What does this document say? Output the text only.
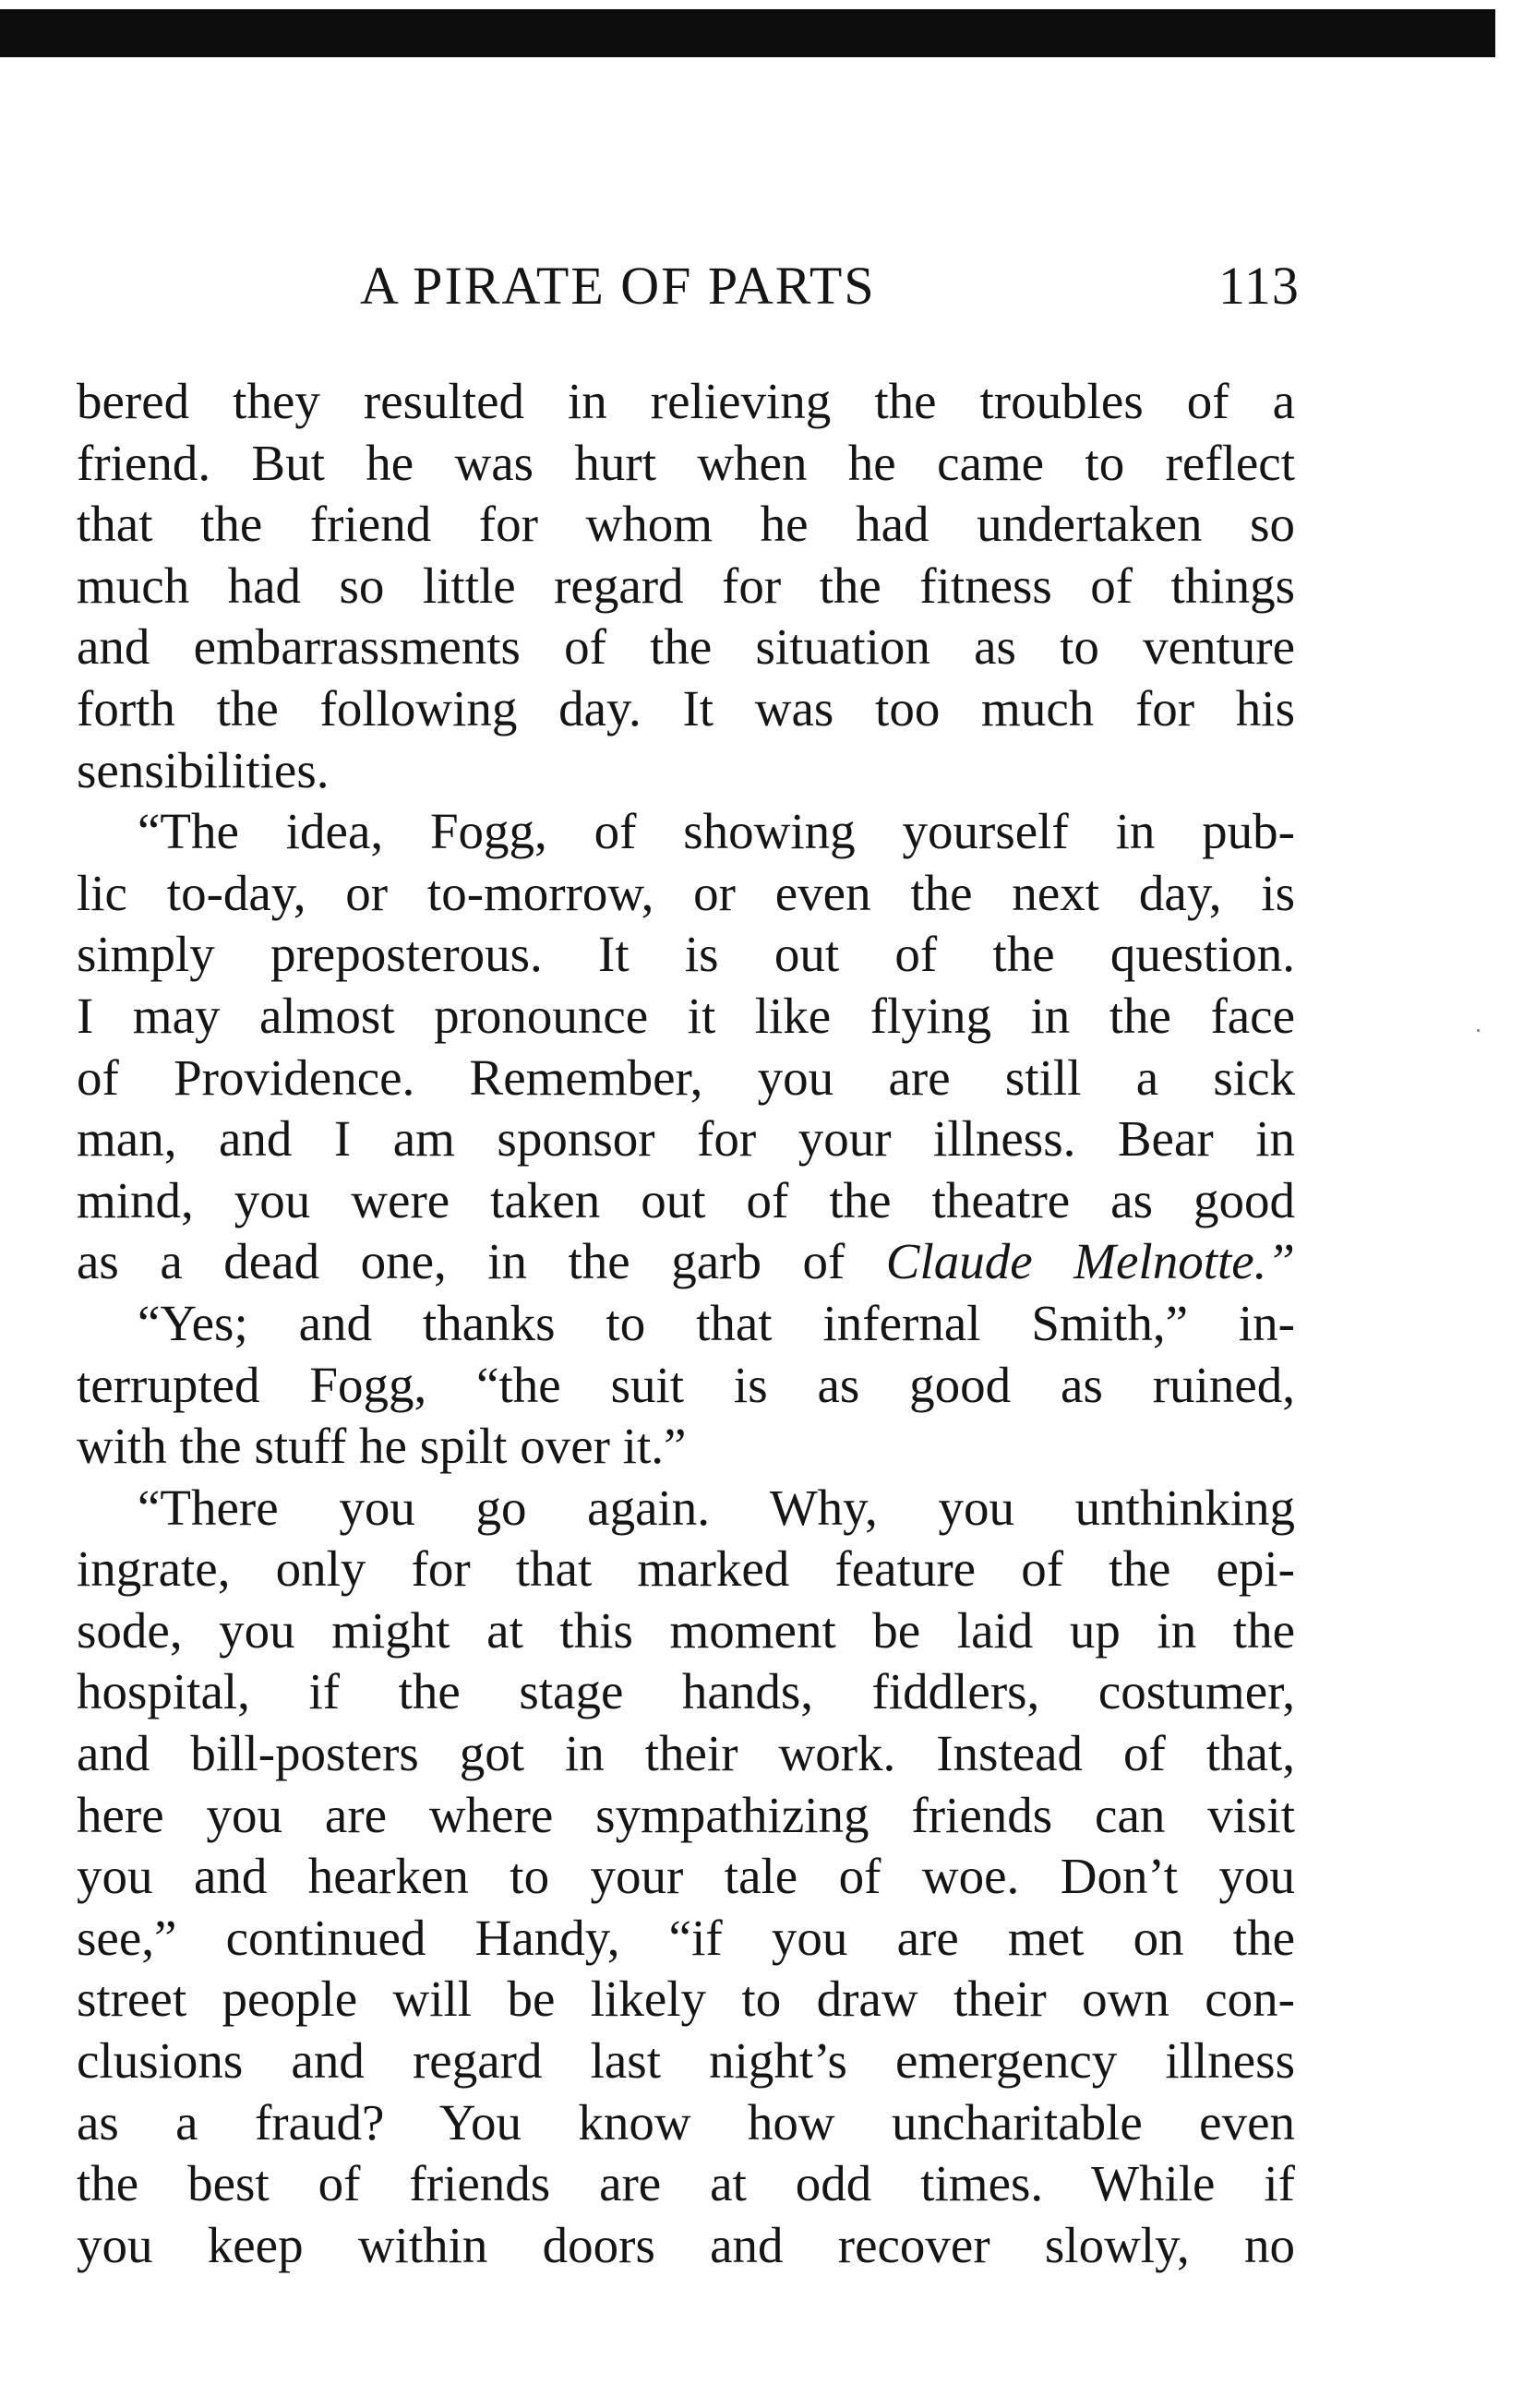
A PIRATE OF PARTS	113
bered they resulted in relieving the troubles of a
friend. But he was hurt when he came to reflect
that the friend for whom he had undertaken so
much had so little regard for the fitness of things
and embarrassments of the situation as to venture
forth the following day. It was too much for his
sensibilities.
“The idea, Fogg, of showing yourself in pub-
lic to-day, or to-morrow, or even the next day, is
simply preposterous. It is out of the question.
I may almost pronounce it like flying in the face
of Providence. Remember, you are still a sick
man, and I am sponsor for your illness. Bear in
mind, you were taken out of the theatre as good
as a dead one, in the garb of Claude Melnotte.”
“Yes; and thanks to that infernal Smith,” in-
terrupted Fogg, “the suit is as good as ruined,
with the stuff he spilt over it.”
“There you go again. Why, you unthinking
ingrate, only for that marked feature of the epi-
sode, you might at this moment be laid up in the
hospital, if the stage hands, fiddlers, costumer,
and bill-posters got in their work. Instead of that,
here you are where sympathizing friends can visit
you and hearken to your tale of woe. Don’t you
see,” continued Handy, “if you are met on the
street people will be likely to draw their own con-
clusions and regard last night’s emergency illness
as a fraud? You know how uncharitable even
the best of friends are at odd times. While if
you keep within doors and recover slowly, no
